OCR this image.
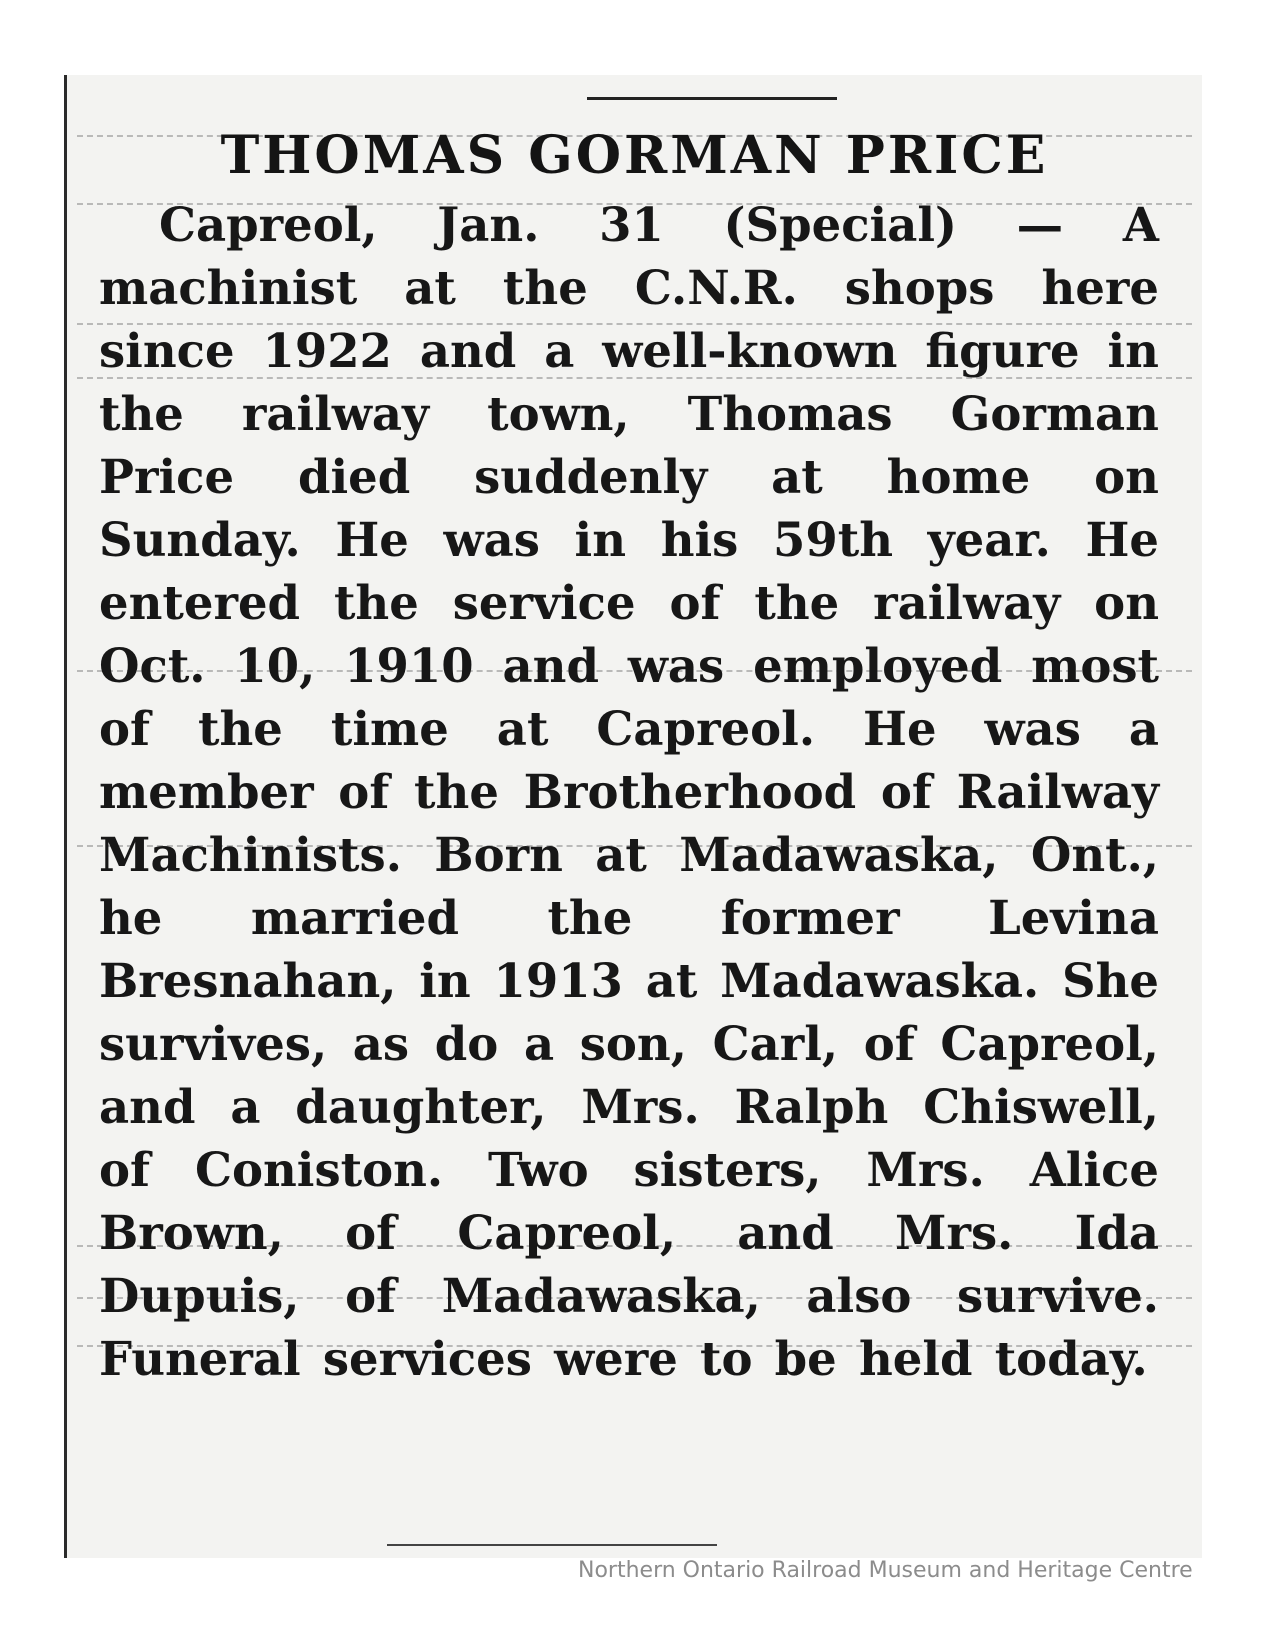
THOMAS GORMAN PRICE

Capreol, Jan. 31 (Special) — A machinist at the C.N.R. shops here since 1922 and a well-known figure in the railway town, Thomas Gorman Price died suddenly at home on Sunday. He was in his 59th year. He entered the service of the railway on Oct. 10, 1910 and was employed most of the time at Capreol. He was a member of the Brotherhood of Railway Machinists. Born at Madawaska, Ont., he married the former Levina Bresnahan, in 1913 at Madawaska. She survives, as do a son, Carl, of Capreol, and a daughter, Mrs. Ralph Chiswell, of Coniston. Two sisters, Mrs. Alice Brown, of Capreol, and Mrs. Ida Dupuis, of Madawaska, also survive. Funeral services were to be held today.

Northern Ontario Railroad Museum and Heritage Centre
